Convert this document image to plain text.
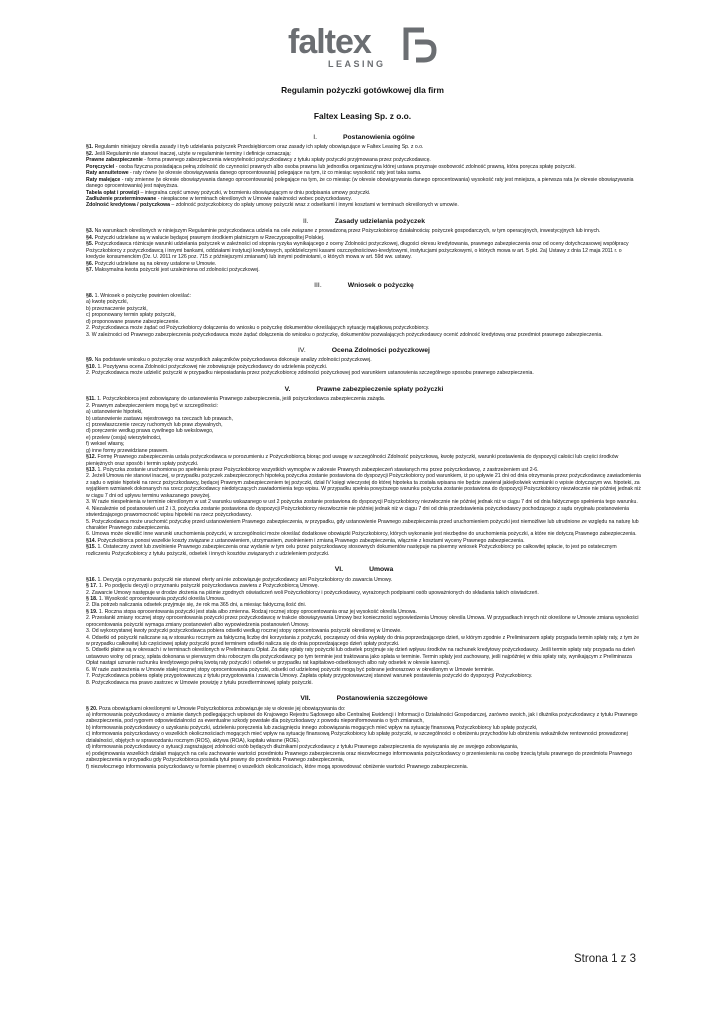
faltex
LEASING
Regulamin pożyczki gotówkowej dla firm
Faltex Leasing Sp. z o.o.
I.	Postanowienia ogólne

§1. Regulamin niniejszy określa zasady i tryb udzielania pożyczek Przedsiębiorcom oraz zasady ich spłaty obowiązujące w Faltex Leasing Sp. z o.o.

§2. Jeśli Regulamin nie stanowi inaczej, użyte w regulaminie terminy i definicje oznaczają:

Prawne zabezpieczenie - forma prawnego zabezpieczenia wierzytelności pożyczkodawcy z tytułu spłaty pożyczki przyjmowana przez pożyczkodawcę.

Poręczyciel - osoba fizyczna posiadająca pełną zdolność do czynności prawnych albo osoba prawna lub jednostka organizacyjna której ustawa przyznaje osobowość zdolność prawną, która poręcza spłatę pożyczki.

Raty annuitetowe - raty równe (w okresie obowiązywania danego oprocentowania) polegające na tym, iż co miesiąc wysokość raty jest taka sama.

Raty malejące - raty zmienne (w okresie obowiązywania danego oprocentowania) polegające na tym, że co miesiąc (w okresie obowiązywania danego oprocentowania) wysokość raty jest mniejsza, a pierwsza rata (w okresie obowiązywania danego oprocentowania) jest najwyższa.

Tabela opłat i prowizji – integralna część umowy pożyczki, w brzmieniu obowiązującym w dniu podpisania umowy pożyczki.

Zadłużenie przeterminowane - niespłacone w terminach określonych w Umowie należności wobec pożyczkodawcy.

Zdolność kredytowa / pożyczkowa – zdolność pożyczkobiorcy do spłaty umowy pożyczki wraz z odsetkami i innymi kosztami w terminach określonych w umowie.

II.	Zasady udzielania pożyczek

§3. Na warunkach określonych w niniejszym Regulaminie pożyczkodawca udziela na cele związane z prowadzoną przez Pożyczkobiorcę działalnością: pożyczek gospodarczych, w tym operacyjnych, inwestycyjnych lub innych.

§4. Pożyczki udzielane są w walucie będącej prawnym środkiem płatniczym w Rzeczypospolitej Polskiej.

§5. Pożyczkodawca różnicuje warunki udzielania pożyczek w zależności od stopnia ryzyka wynikającego z oceny Zdolności pożyczkowej, długości okresu kredytowania, prawnego zabezpieczenia oraz od oceny dotychczasowej współpracy Pożyczkobiorcy z pożyczkodawcą i innymi bankami, oddziałami instytucji kredytowych, spółdzielczymi kasami oszczędnościowo-kredytowymi, instytucjami pożyczkowymi, o których mowa w art. 5 pkt. 2a) Ustawy z dnia 12 maja 2011 r. o kredycie konsumenckim (Dz. U. 2011 nr 126 poz. 715 z późniejszymi zmianami) lub innymi podmiotami, o których mowa w art. 59d ww. ustawy.

§6. Pożyczki udzielane są na okresy ustalone w Umowie.

§7. Maksymalna kwota pożyczki jest uzależniona od zdolności pożyczkowej.

III.	Wniosek o pożyczkę

§8. 1. Wniosek o pożyczkę powinien określać:

a) kwotę pożyczki,

b) przeznaczenie pożyczki,

c) proponowany termin spłaty pożyczki,

d) proponowane prawne zabezpieczenie.

2. Pożyczkodawca może żądać od Pożyczkobiorcy dołączenia do wniosku o pożyczkę dokumentów określających sytuację majątkową pożyczkobiorcy.

3. W zależności od Prawnego zabezpieczenia pożyczkodawca może żądać dołączenia do wniosku o pożyczkę, dokumentów pozwalających pożyczkodawcy ocenić zdolność kredytową oraz przedmiot prawnego zabezpieczenia.

IV.	Ocena Zdolności pożyczkowej

§9. Na podstawie wniosku o pożyczkę oraz wszystkich załączników pożyczkodawca dokonuje analizy zdolności pożyczkowej.

§10. 1. Pozytywna ocena Zdolności pożyczkowej nie zobowiązuje pożyczkodawcy do udzielenia pożyczki.

2. Pożyczkodawca może udzielić pożyczki w przypadku nieposiadania przez pożyczkobiorcę zdolności pożyczkowej pod warunkiem ustanowienia szczególnego sposobu prawnego zabezpieczenia.

V.	Prawne zabezpieczenie spłaty pożyczki

§11. 1. Pożyczkobiorca jest zobowiązany do ustanowienia Prawnego zabezpieczenia, jeśli pożyczkodawca zabezpieczenia zażąda.

2. Prawnym zabezpieczeniem mogą być w szczególności:

a) ustanowienie hipoteki,

b) ustanowienie zastawu rejestrowego na rzeczach lub prawach,

c) przewłaszczenie rzeczy ruchomych lub praw zbywalnych,

d) poręczenie według prawa cywilnego lub wekslowego,

e) przelew (cesja) wierzytelności,

f) weksel własny,

g) inne formy przewidziane prawem.

§12. Formę Prawnego zabezpieczenia ustala pożyczkodawca w porozumieniu z Pożyczkobiorcą biorąc pod uwagę w szczególności Zdolność pożyczkową, kwotę pożyczki, warunki postawienia do dyspozycji całości lub części środków pieniężnych oraz sposób i termin spłaty pożyczki.

§13. 1. Pożyczka zostanie uruchomiona po spełnieniu przez Pożyczkobiorcę wszystkich wymogów w zakresie Prawnych zabezpieczeń stawianych mu przez pożyczkodawcę, z zastrzeżeniem ust 2-6.

2. Jeżeli Umowa nie stanowi inaczej, w przypadku pożyczek zabezpieczonych hipoteką pożyczka zostanie postawiona do dyspozycji Pożyczkobiorcy pod warunkiem, iż po upływie 21 dni od dnia otrzymania przez pożyczkodawcę zawiadomienia z sądu o wpisie hipoteki na rzecz pożyczkodawcy, będącej Prawnym zabezpieczeniem tej pożyczki, dział IV księgi wieczystej do której hipoteka ta została wpisana nie będzie zawierał jakiejkolwiek wzmianki o wpisie dotyczącym ww. hipoteki, za wyjątkiem wzmianek dokonanych na rzecz pożyczkodawcy niedotyczących zawiadomienia tego wpisu. W przypadku spełnia powyższego warunku pożyczka zostanie postawiona do dyspozycji Pożyczkobiorcy niezwłocznie nie później jednak niż w ciągu 7 dni od upływu terminu wskazanego powyżej.

3. W razie niespełnienia w terminie określonym w ust 2 warunku wskazanego w ust 2 pożyczka zostanie postawiona do dyspozycji Pożyczkobiorcy niezwłocznie nie później jednak niż w ciągu 7 dni od dnia faktycznego spełnienia tego warunku.

4. Niezależnie od postanowień ust 2 i 3, pożyczka zostanie postawiona do dyspozycji Pożyczkobiorcy niezwłocznie nie później jednak niż w ciągu 7 dni od dnia przedstawienia pożyczkodawcy pochodzącego z sądu oryginału postanowienia stwierdzającego prawomocność wpisu hipoteki na rzecz pożyczkodawcy.

5. Pożyczkodawca może uruchomić pożyczkę przed ustanowieniem Prawnego zabezpieczenia, w przypadku, gdy ustanowienie Prawnego zabezpieczenia przed uruchomieniem pożyczki jest niemożliwe lub utrudnione ze względu na naturę lub charakter Prawnego zabezpieczenia.

6. Umowa może określić inne warunki uruchomienia pożyczki, w szczególności może określać dodatkowe obowiązki Pożyczkobiorcy, których wykonanie jest niezbędne do uruchomienia pożyczki, a które nie dotyczą Prawnego zabezpieczenia.

§14. Pożyczkobiorca ponosi wszelkie koszty związane z ustanowieniem, utrzymaniem, zwolnieniem i zmianą Prawnego zabezpieczenia, włącznie z kosztami wyceny Prawnego zabezpieczenia.

§15. 1. Ostateczny zwrot lub zwolnienie Prawnego zabezpieczenia oraz wydanie w tym celu przez pożyczkodawcę stosownych dokumentów następuje na pisemny wniosek Pożyczkobiorcy po całkowitej spłacie, to jest po ostatecznym rozliczeniu Pożyczkobiorcy z tytułu pożyczki, odsetek i innych kosztów związanych z udzieleniem pożyczki.

VI.	Umowa

§16. 1. Decyzja o przyznaniu pożyczki nie stanowi oferty ani nie zobowiązuje pożyczkodawcy ani Pożyczkobiorcy do zawarcia Umowy.

§ 17. 1. Po podjęciu decyzji o przyznaniu pożyczki pożyczkodawca zawiera z Pożyczkobiorcą Umowę.

2. Zawarcie Umowy następuje w drodze złożenia na piśmie zgodnych oświadczeń woli Pożyczkobiorcy i pożyczkodawcy, wyrażonych podpisami osób upoważnionych do składania takich oświadczeń.

§ 18. 1. Wysokość oprocentowania pożyczki określa Umowa.

2. Dla potrzeb naliczania odsetek przyjmuje się, że rok ma 365 dni, a miesiąc faktyczną ilość dni.

§ 19. 1. Roczna stopa oprocentowania pożyczki jest stała albo zmienna. Rodzaj rocznej stopy oprocentowania oraz jej wysokość określa Umowa.

2. Przesłanki zmiany rocznej stopy oprocentowania pożyczki przez pożyczkodawcę w trakcie obowiązywania Umowy bez konieczności wypowiedzenia Umowy określa Umowa. W przypadkach innych niż określone w Umowie zmiana wysokości oprocentowania pożyczki wymaga zmiany postanowień albo wypowiedzenia postanowień Umowy.

3. Od wykorzystanej kwoty pożyczki pożyczkodawca pobiera odsetki według rocznej stopy oprocentowania pożyczki określonej w Umowie.

4. Odsetki od pożyczki naliczane są w stosunku rocznym za faktyczną liczbę dni korzystania z pożyczki, począwszy od dnia wypłaty do dnia poprzedzającego dzień, w którym zgodnie z Preliminarzem spłaty przypada termin spłaty raty, z tym że w przypadku całkowitej lub częściowej spłaty pożyczki przed terminem odsetki nalicza się do dnia poprzedzającego dzień spłaty pożyczki.

5. Odsetki płatne są w okresach i w terminach określonych w Preliminarzu Opłat. Za datę spłaty raty pożyczki lub odsetek przyjmuje się dzień wpływu środków na rachunek kredytowy pożyczkodawcy. Jeśli termin spłaty raty przypada na dzień ustawowo wolny od pracy, spłata dokonana w pierwszym dniu roboczym dla pożyczkodawcy po tym terminie jest traktowana jako spłata w terminie. Termin spłaty jest zachowany, jeśli najpóźniej w dniu spłaty raty, wynikającym z Preliminarza Opłat nastąpi uznanie rachunku kredytowego pełną kwotą raty pożyczki i odsetek w przypadku rat kapitałowo-odsetkowych albo raty odsetek w okresie karencji.

6. W razie zastrzeżenia w Umowie stałej rocznej stopy oprocentowania pożyczki, odsetki od udzielonej pożyczki mogą być pobrane jednorazowo w określonym w Umowie terminie.

7. Pożyczkodawca pobiera opłatę przygotowawczą z tytułu przygotowania i zawarcia Umowy. Zapłata opłaty przygotowawczej stanowi warunek postawienia pożyczki do dyspozycji Pożyczkobiorcy.

8. Pożyczkodawca ma prawo zastrzec w Umowie prowizję z tytułu przedterminowej spłaty pożyczki.

VII.	Postanowienia szczegółowe

§ 20. Poza obowiązkami określonymi w Umowie Pożyczkobiorca zobowiązuje się w okresie jej obowiązywania do:

a) informowania pożyczkodawcy o zmianie danych podlegających wpisowi do Krajowego Rejestru Sądowego albo Centralnej Ewidencji i Informacji o Działalności Gospodarczej, zarówno swoich, jak i dłużnika pożyczkodawcy z tytułu Prawnego zabezpieczenia, pod rygorem odpowiedzialności za ewentualne szkody powstałe dla pożyczkodawcy z powodu nieponiformowania o tych zmianach,

b) informowania pożyczkodawcy o uzyskaniu pożyczki, udzieleniu poręczenia lub zaciągnięciu innego zobowiązania mogących mieć wpływ na sytuację finansową Pożyczkobiorcy lub spłatę pożyczki,

c) informowania pożyczkodawcy o wszelkich okolicznościach mogących mieć wpływ na sytuację finansową Pożyczkobiorcy lub spłatę pożyczki, w szczególności o obniżeniu przychodów lub obniżeniu wskaźników rentowności prowadzonej działalności, objętych w sprawozdaniu rocznym (ROS), aktywa (ROA), kapitału własne (ROE).

d) informowania pożyczkodawcy o sytuacji zagrażającej zdolności osób będących dłużnikami pożyczkodawcy z tytułu Prawnego zabezpieczenia do wywiązania się ze swojego zobowiązania,

e) podejmowania wszelkich działań mających na celu zachowanie wartości przedmiotu Prawnego zabezpieczenia oraz niezwłocznego informowania pożyczkodawcy o przeniesieniu na osobę trzecią tytułu prawnego do przedmiotu Prawnego zabezpieczenia w przypadku gdy Pożyczkobiorca posiada tytuł prawny do przedmiotu Prawnego zabezpieczenia,

f) niezwłocznego informowania pożyczkodawcy w formie pisemnej o wszelkich okolicznościach, które mogą spowodować obniżenie wartości Prawnego zabezpieczenia.

Strona 1 z 3
